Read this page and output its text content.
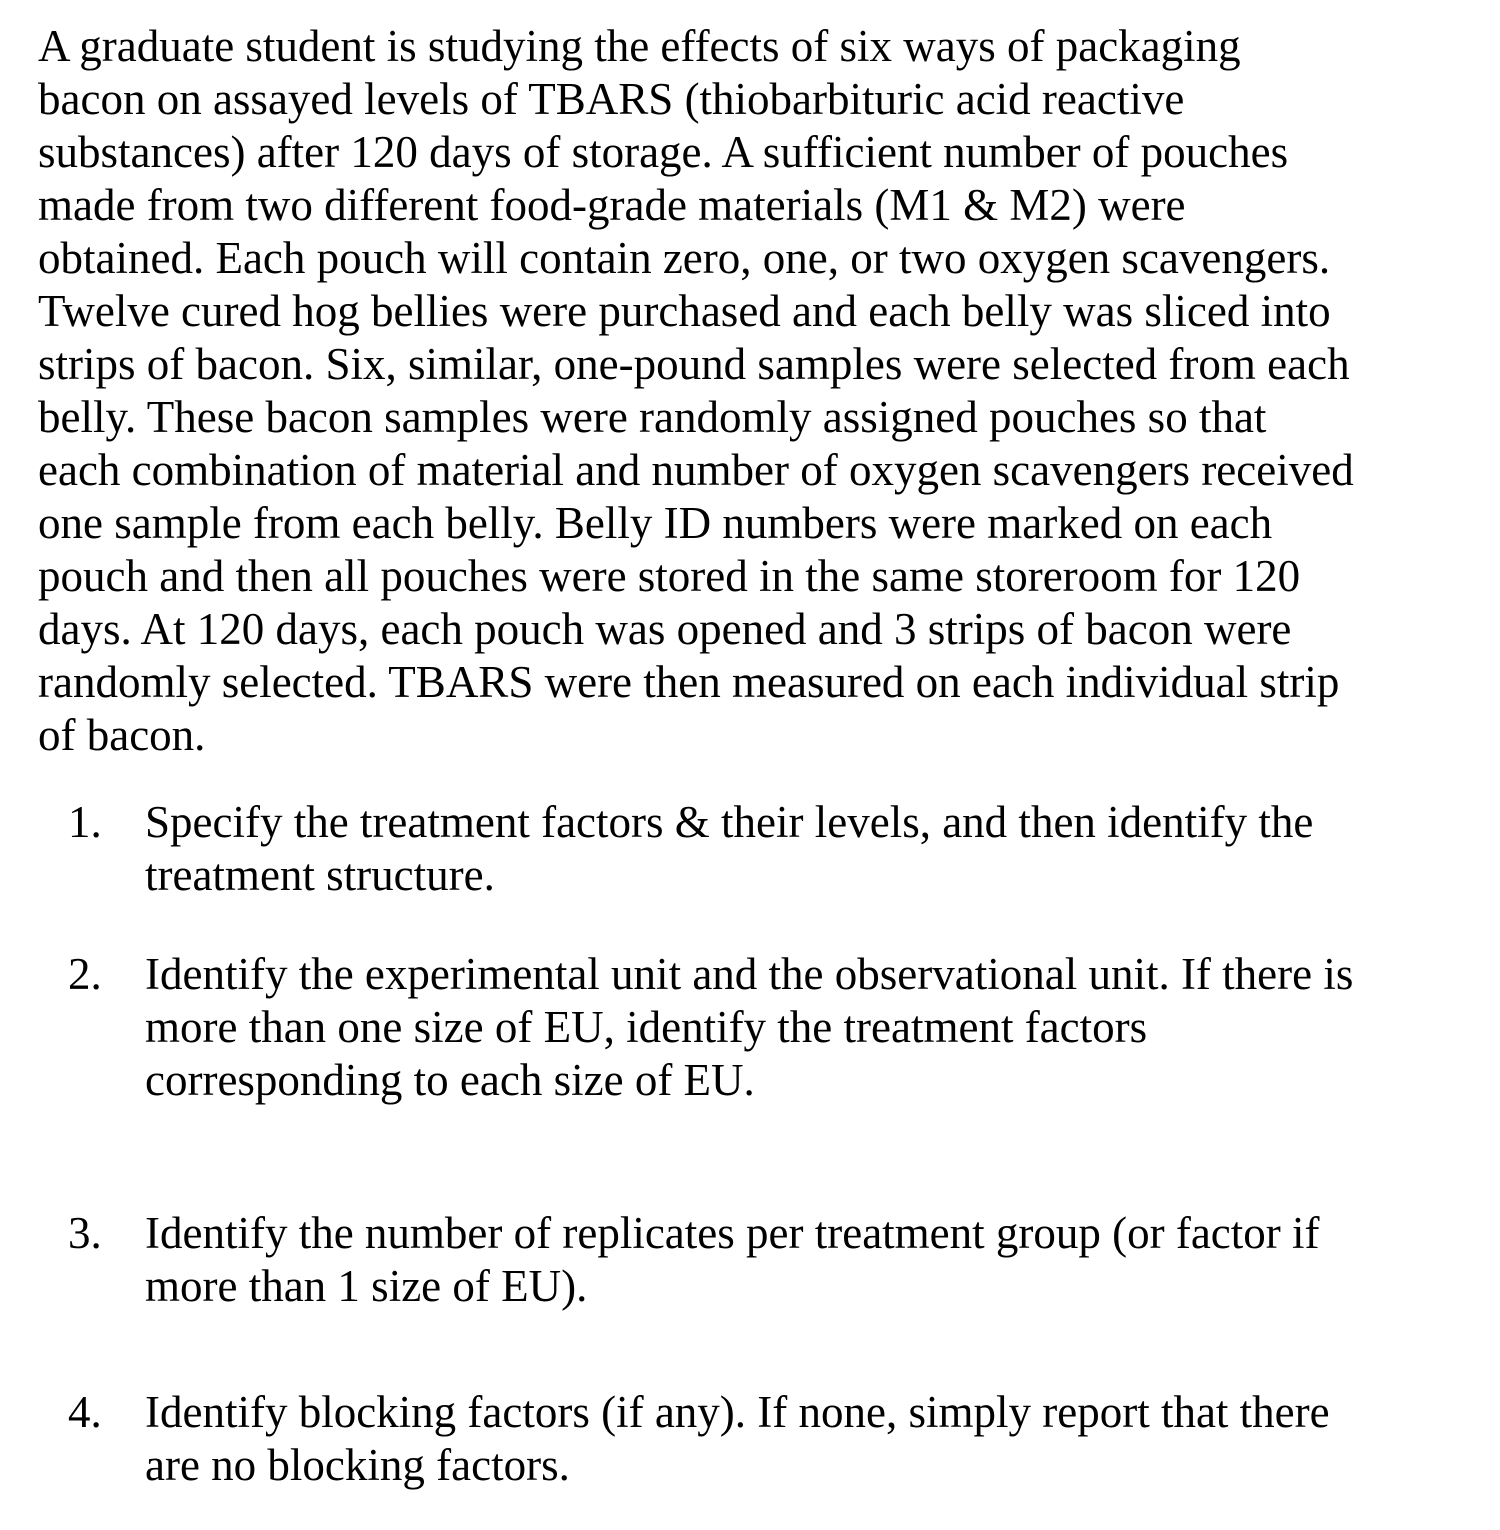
A graduate student is studying the effects of six ways of packaging
bacon on assayed levels of TBARS (thiobarbituric acid reactive
substances) after 120 days of storage. A sufficient number of pouches
made from two different food-grade materials (M1 & M2) were
obtained. Each pouch will contain zero, one, or two oxygen scavengers.
Twelve cured hog bellies were purchased and each belly was sliced into
strips of bacon. Six, similar, one-pound samples were selected from each
belly. These bacon samples were randomly assigned pouches so that
each combination of material and number of oxygen scavengers received
one sample from each belly. Belly ID numbers were marked on each
pouch and then all pouches were stored in the same storeroom for 120
days. At 120 days, each pouch was opened and 3 strips of bacon were
randomly selected. TBARS were then measured on each individual strip
of bacon.
1. Specify the treatment factors & their levels, and then identify the
treatment structure.
2. Identify the experimental unit and the observational unit. If there is
more than one size of EU, identify the treatment factors
corresponding to each size of EU.
3. Identify the number of replicates per treatment group (or factor if
more than 1 size of EU).
4. Identify blocking factors (if any). If none, simply report that there
are no blocking factors.
